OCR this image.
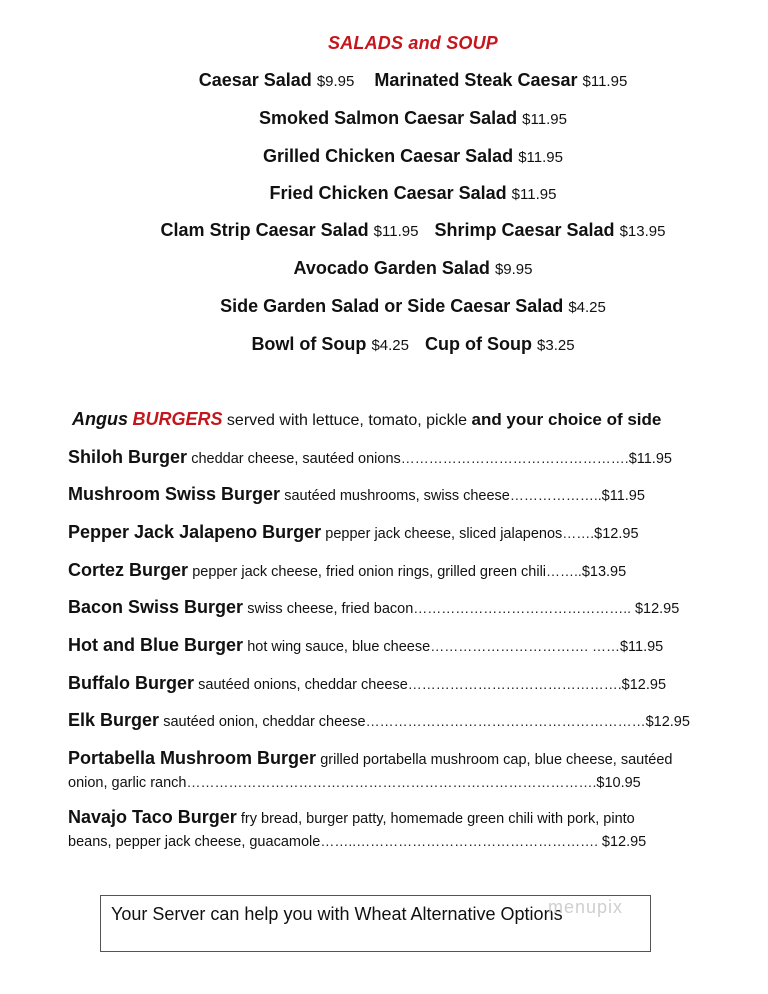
SALADS and SOUP
Caesar Salad $9.95 Marinated Steak Caesar $11.95
Smoked Salmon Caesar Salad $11.95
Grilled Chicken Caesar Salad $11.95
Fried Chicken Caesar Salad $11.95
Clam Strip Caesar Salad $11.95 Shrimp Caesar Salad $13.95
Avocado Garden Salad $9.95
Side Garden Salad or Side Caesar Salad $4.25
Bowl of Soup $4.25 Cup of Soup $3.25
Angus BURGERS served with lettuce, tomato, pickle and your choice of side
Shiloh Burger cheddar cheese, sautéed onions………………………………………….$11.95
Mushroom Swiss Burger sautéed mushrooms, swiss cheese………………..$11.95
Pepper Jack Jalapeno Burger pepper jack cheese, sliced jalapenos…….$12.95
Cortez Burger pepper jack cheese, fried onion rings, grilled green chili……..$13.95
Bacon Swiss Burger swiss cheese, fried bacon……………………………………….. $12.95
Hot and Blue Burger hot wing sauce, blue cheese……………………………. ……$11.95
Buffalo Burger sautéed onions, cheddar cheese……………………………………….$12.95
Elk Burger sautéed onion, cheddar cheese……………………………………………………$12.95
Portabella Mushroom Burger grilled portabella mushroom cap, blue cheese, sautéed
onion, garlic ranch…………………………………………………………………………….$10.95
Navajo Taco Burger fry bread, burger patty, homemade green chili with pork, pinto
beans, pepper jack cheese, guacamole……..……………………………………………. $12.95
Your Server can help you with Wheat Alternative Options
menupix
